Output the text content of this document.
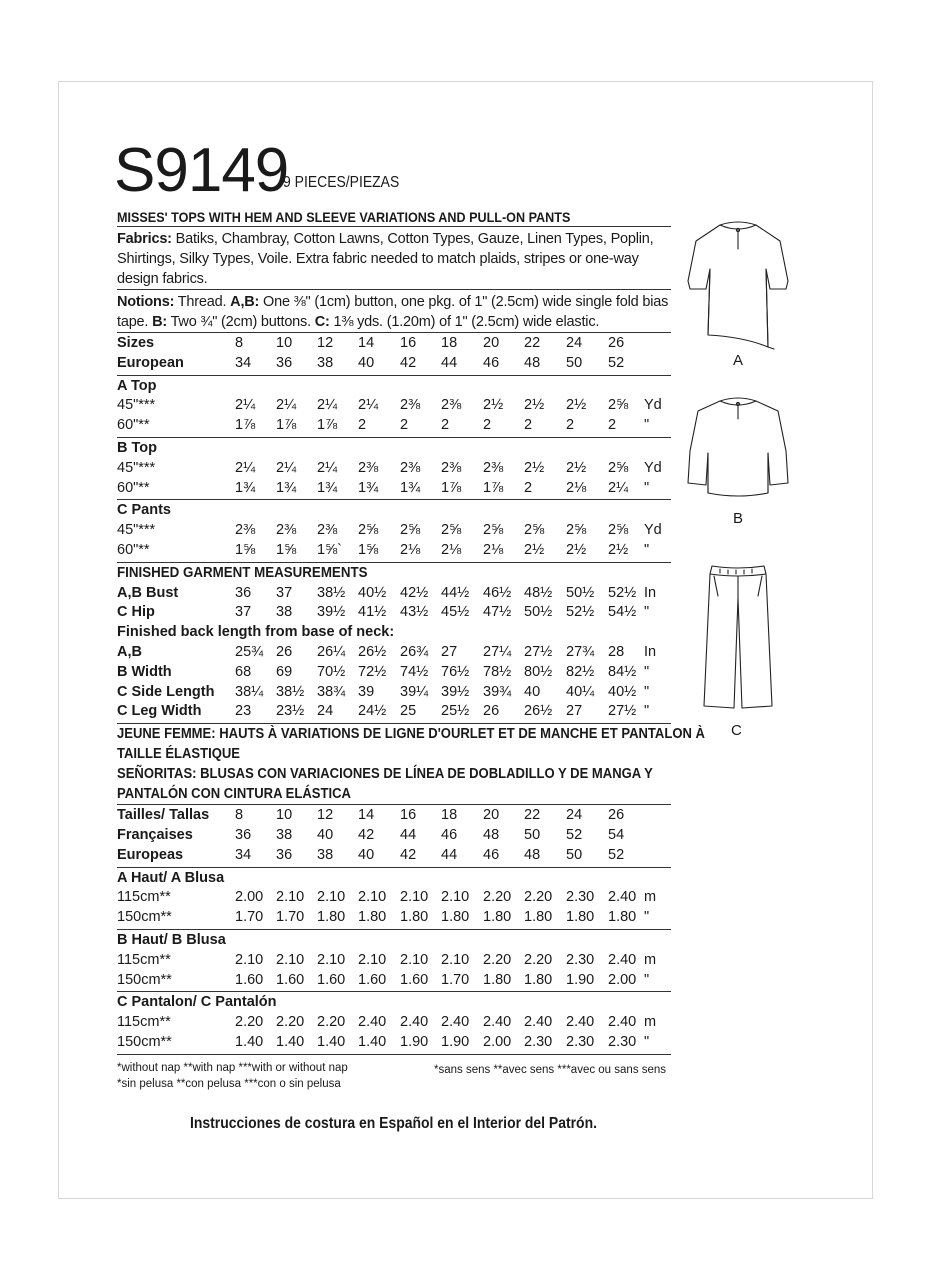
S9149
9 PIECES/PIEZAS
MISSES' TOPS WITH HEM AND SLEEVE VARIATIONS AND PULL-ON PANTS
Fabrics: Batiks, Chambray, Cotton Lawns, Cotton Types, Gauze, Linen Types, Poplin, Shirtings, Silky Types, Voile. Extra fabric needed to match plaids, stripes or one-way design fabrics.
Notions: Thread. A,B: One ⅜" (1cm) button, one pkg. of 1" (2.5cm) wide single fold bias tape. B: Two ¾" (2cm) buttons. C: 1⅜ yds. (1.20m) of 1" (2.5cm) wide elastic.
Sizes	8 10 12 14 16 18 20 22 24 26
European	34 36 38 40 42 44 46 48 50 52
A Top
45"***	2¼ 2¼ 2¼ 2¼ 2⅜ 2⅜ 2½ 2½ 2½ 2⅝ Yd
60"**	1⅞ 1⅞ 1⅞ 2 2 2 2 2 2 2 "
B Top
45"***	2¼ 2¼ 2¼ 2⅜ 2⅜ 2⅜ 2⅜ 2½ 2½ 2⅝ Yd
60"**	1¾ 1¾ 1¾ 1¾ 1¾ 1⅞ 1⅞ 2 2⅛ 2¼ "
C Pants
45"***	2⅜ 2⅜ 2⅜ 2⅝ 2⅝ 2⅝ 2⅝ 2⅝ 2⅝ 2⅝ Yd
60"**	1⅝ 1⅝ 1⅝` 1⅝ 2⅛ 2⅛ 2⅛ 2½ 2½ 2½ "
FINISHED GARMENT MEASUREMENTS
A,B Bust	36 37 38½ 40½ 42½ 44½ 46½ 48½ 50½ 52½ In
C Hip	37 38 39½ 41½ 43½ 45½ 47½ 50½ 52½ 54½ "
Finished back length from base of neck:
A,B	25¾ 26 26¼ 26½ 26¾ 27 27¼ 27½ 27¾ 28 In
B Width	68 69 70½ 72½ 74½ 76½ 78½ 80½ 82½ 84½ "
C Side Length 38¼ 38½ 38¾ 39 39¼ 39½ 39¾ 40 40¼ 40½ "
C Leg Width 23 23½ 24 24½ 25 25½ 26 26½ 27 27½ "
JEUNE FEMME: HAUTS À VARIATIONS DE LIGNE D'OURLET ET DE MANCHE ET PANTALON À
TAILLE ÉLASTIQUE
SEÑORITAS: BLUSAS CON VARIACIONES DE LÍNEA DE DOBLADILLO Y DE MANGA Y
PANTALÓN CON CINTURA ELÁSTICA
Tailles/ Tallas 8 10 12 14 16 18 20 22 24 26
Françaises	36 38 40 42 44 46 48 50 52 54
Europeas	34 36 38 40 42 44 46 48 50 52
A Haut/ A Blusa
115cm**	2.00 2.10 2.10 2.10 2.10 2.10 2.20 2.20 2.30 2.40 m
150cm**	1.70 1.70 1.80 1.80 1.80 1.80 1.80 1.80 1.80 1.80 "
B Haut/ B Blusa
115cm**	2.10 2.10 2.10 2.10 2.10 2.10 2.20 2.20 2.30 2.40 m
150cm**	1.60 1.60 1.60 1.60 1.60 1.70 1.80 1.80 1.90 2.00 "
C Pantalon/ C Pantalón
115cm**	2.20 2.20 2.20 2.40 2.40 2.40 2.40 2.40 2.40 2.40 m
150cm**	1.40 1.40 1.40 1.40 1.90 1.90 2.00 2.30 2.30 2.30 "
*without nap **with nap ***with or without nap
*sin pelusa **con pelusa ***con o sin pelusa
*sans sens **avec sens ***avec ou sans sens
Instrucciones de costura en Español en el Interior del Patrón.
A
B
C
